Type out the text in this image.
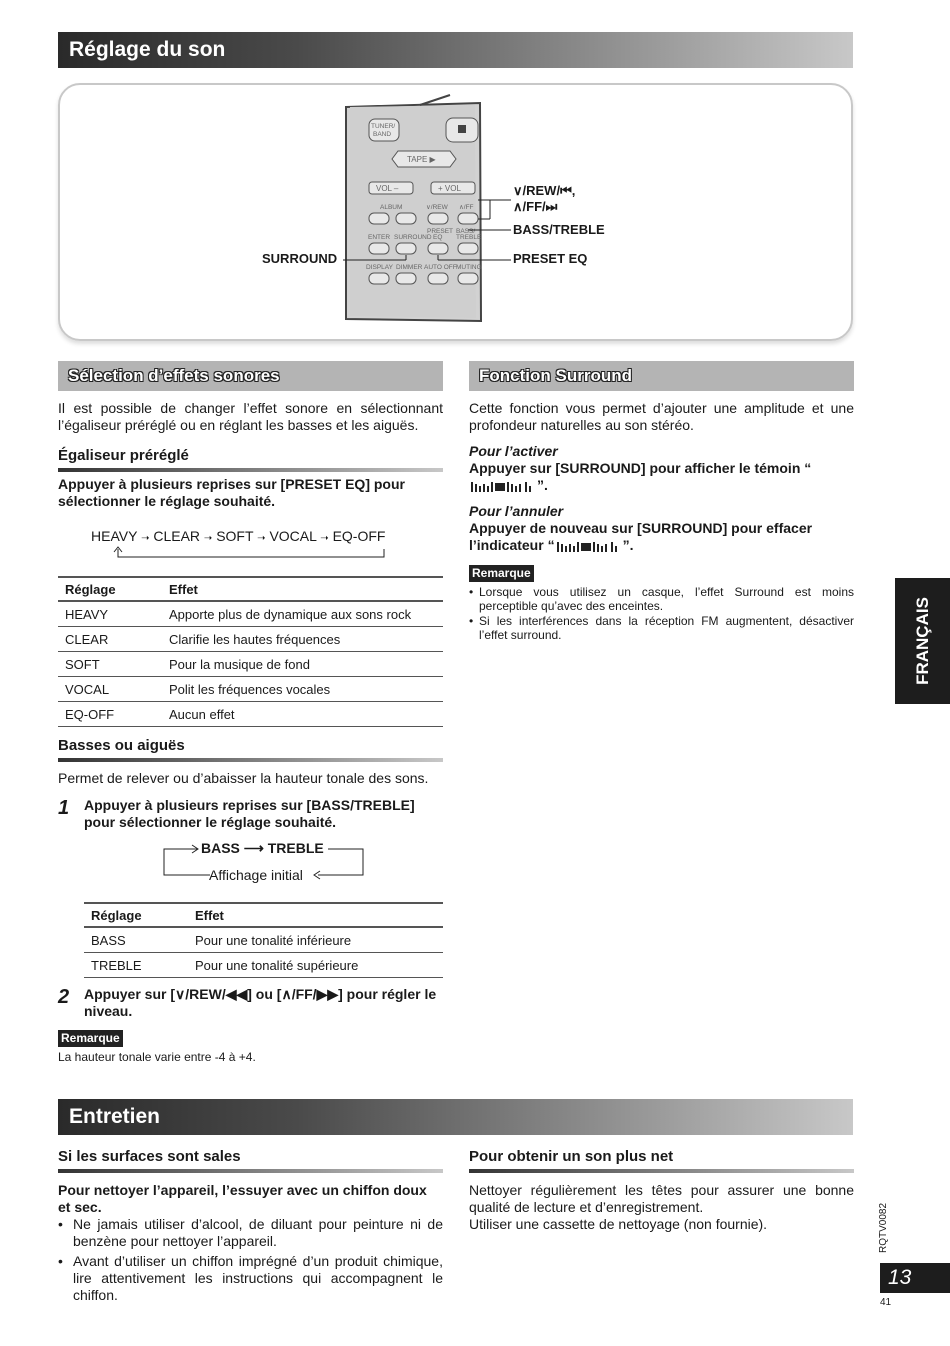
Réglage du son
TUNER/
BAND
TAPE ▶
VOL –	+ VOL
ALBUM	∨/REW ∧/FF
ENTER SURROUND
PRESET
EQ
BASS/
TREBLE
DISPLAY DIMMER AUTO OFF MUTING
∨/REW/⏮,
∧/FF/⏭
BASS/TREBLE
PRESET EQ
SURROUND
Sélection d’effets sonores
Il est possible de changer l’effet sonore en sélectionnant l’égaliseur préréglé ou en réglant les basses et les aiguës.
Égaliseur préréglé
Appuyer à plusieurs reprises sur [PRESET EQ] pour sélectionner le réglage souhaité.
HEAVY ➝ CLEAR ➝ SOFT ➝ VOCAL ➝ EQ-OFF
Réglage	Effet
HEAVY	Apporte plus de dynamique aux sons rock
CLEAR	Clarifie les hautes fréquences
SOFT	Pour la musique de fond
VOCAL	Polit les fréquences vocales
EQ-OFF	Aucun effet
Basses ou aiguës
Permet de relever ou d’abaisser la hauteur tonale des sons.
1 Appuyer à plusieurs reprises sur [BASS/TREBLE] pour sélectionner le réglage souhaité.
BASS ⟶ TREBLE
Affichage initial
Réglage	Effet
BASS	Pour une tonalité inférieure
TREBLE	Pour une tonalité supérieure
2 Appuyer sur [∨/REW/◀◀] ou [∧/FF/▶▶] pour régler le niveau.
Remarque
La hauteur tonale varie entre -4 à +4.
Fonction Surround
Cette fonction vous permet d’ajouter une amplitude et une profondeur naturelles au son stéréo.
Pour l’activer
Appuyer sur [SURROUND] pour afficher le témoin “”.
Pour l’annuler
Appuyer de nouveau sur [SURROUND] pour effacer l’indicateur “	”.
Remarque
• Lorsque vous utilisez un casque, l’effet Surround est moins perceptible qu’avec des enceintes.
• Si les interférences dans la réception FM augmentent, désactiver l’effet surround.	FRANÇAIS
Entretien
Si les surfaces sont sales
Pour nettoyer l’appareil, l’essuyer avec un chiffon doux et sec.
• Ne jamais utiliser d’alcool, de diluant pour peinture ni de benzène pour nettoyer l’appareil.
• Avant d’utiliser un chiffon imprégné d’un produit chimique, lire attentivement les instructions qui accompagnent le chiffon.
Pour obtenir un son plus net
Nettoyer régulièrement les têtes pour assurer une bonne qualité de lecture et d’enregistrement.
Utiliser une cassette de nettoyage (non fournie).	RQTV0082
13
41
